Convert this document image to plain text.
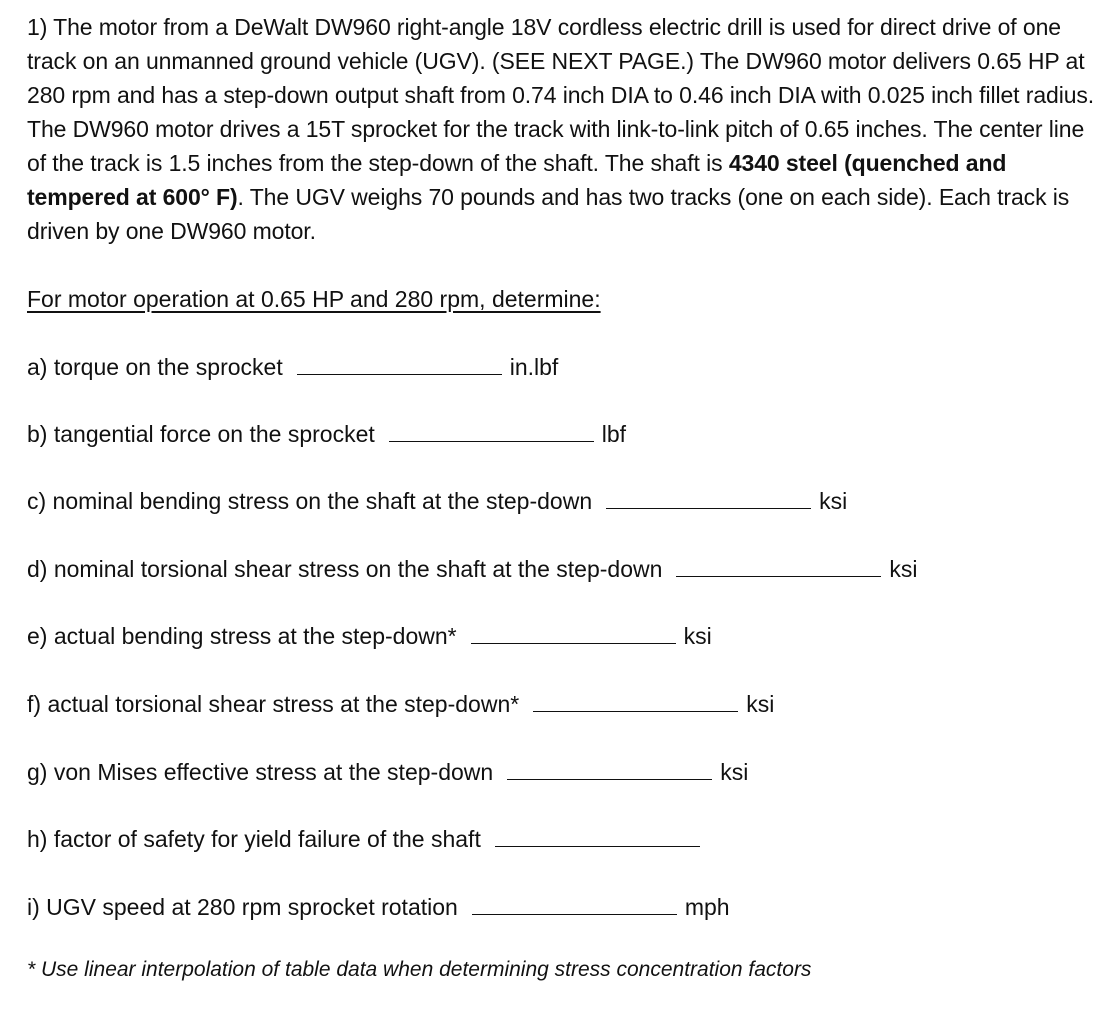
1) The motor from a DeWalt DW960 right-angle 18V cordless electric drill is used for direct drive of one track on an unmanned ground vehicle (UGV). (SEE NEXT PAGE.) The DW960 motor delivers 0.65 HP at 280 rpm and has a step-down output shaft from 0.74 inch DIA to 0.46 inch DIA with 0.025 inch fillet radius. The DW960 motor drives a 15T sprocket for the track with link-to-link pitch of 0.65 inches. The center line of the track is 1.5 inches from the step-down of the shaft. The shaft is 4340 steel (quenched and tempered at 600° F). The UGV weighs 70 pounds and has two tracks (one on each side). Each track is driven by one DW960 motor.
For motor operation at 0.65 HP and 280 rpm, determine:
a) torque on the sprocket	in.lbf
b) tangential force on the sprocket	lbf
c) nominal bending stress on the shaft at the step-down	ksi
d) nominal torsional shear stress on the shaft at the step-down	ksi
e) actual bending stress at the step-down*	ksi
f) actual torsional shear stress at the step-down*	ksi
g) von Mises effective stress at the step-down	ksi
h) factor of safety for yield failure of the shaft
i) UGV speed at 280 rpm sprocket rotation	mph
* Use linear interpolation of table data when determining stress concentration factors
